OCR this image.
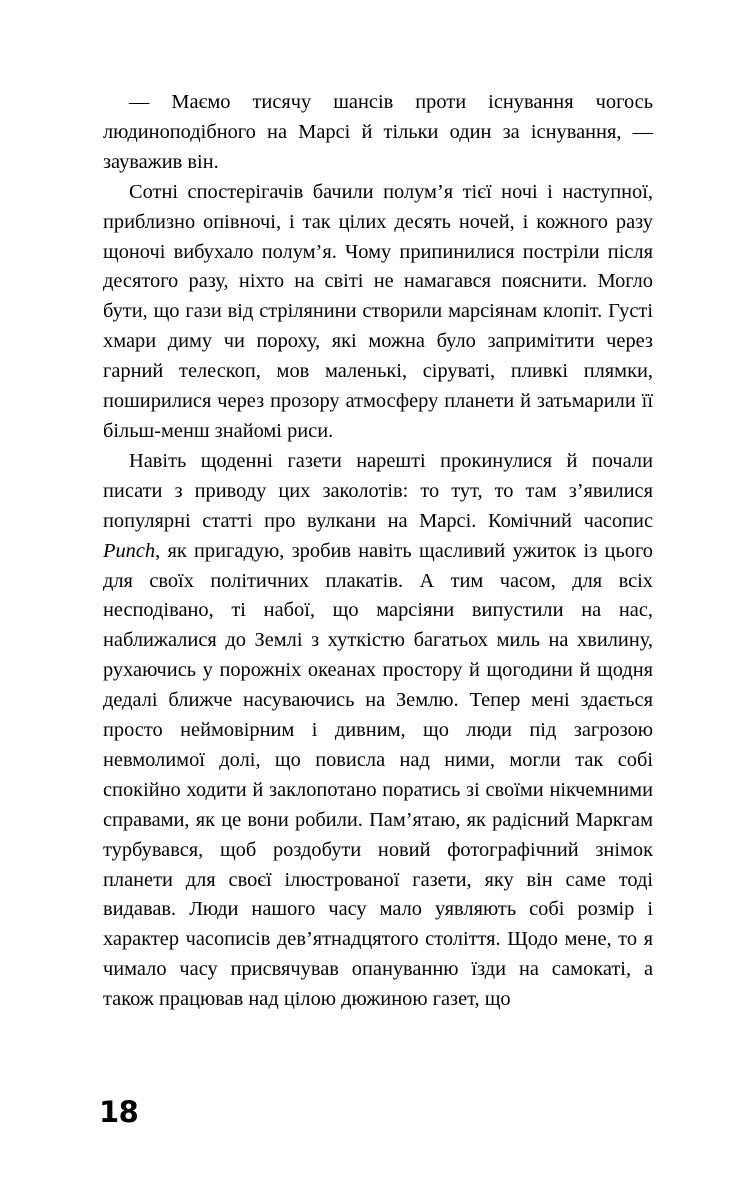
— Маємо тисячу шансів проти існування чогось людиноподібного на Марсі й тільки один за існування, — зауважив він.

Сотні спостерігачів бачили полум’я тієї ночі і наступної, приблизно опівночі, і так цілих десять ночей, і кожного разу щоночі вибухало полум’я. Чому припинилися постріли після десятого разу, ніхто на світі не намагався пояснити. Могло бути, що гази від стрілянини створили марсіянам клопіт. Густі хмари диму чи пороху, які можна було запримітити через гарний телескоп, мов маленькі, сіруваті, пливкі плямки, поширилися через прозору атмосферу планети й затьмарили її більш-менш знайомі риси.

Навіть щоденні газети нарешті прокинулися й почали писати з приводу цих заколотів: то тут, то там з’явилися популярні статті про вулкани на Марсі. Комічний часопис Punch, як пригадую, зробив навіть щасливий ужиток із цього для своїх політичних плакатів. А тим часом, для всіх несподівано, ті набої, що марсіяни випустили на нас, наближалися до Землі з хуткістю багатьох миль на хвилину, рухаючись у порожніх океанах простору й щогодини й щодня дедалі ближче насуваючись на Землю. Тепер мені здається просто неймовірним і дивним, що люди під загрозою невмолимої долі, що повисла над ними, могли так собі спокійно ходити й заклопотано поратись зі своїми нікчемними справами, як це вони робили. Пам’ятаю, як радісний Маркгам турбувався, щоб роздобути новий фотографічний знімок планети для своєї ілюстрованої газети, яку він саме тоді видавав. Люди нашого часу мало уявляють собі розмір і характер часописів дев’ятнадцятого століття. Щодо мене, то я чимало часу присвячував опануванню їзди на самокаті, а також працював над цілою дюжиною газет, що

18
